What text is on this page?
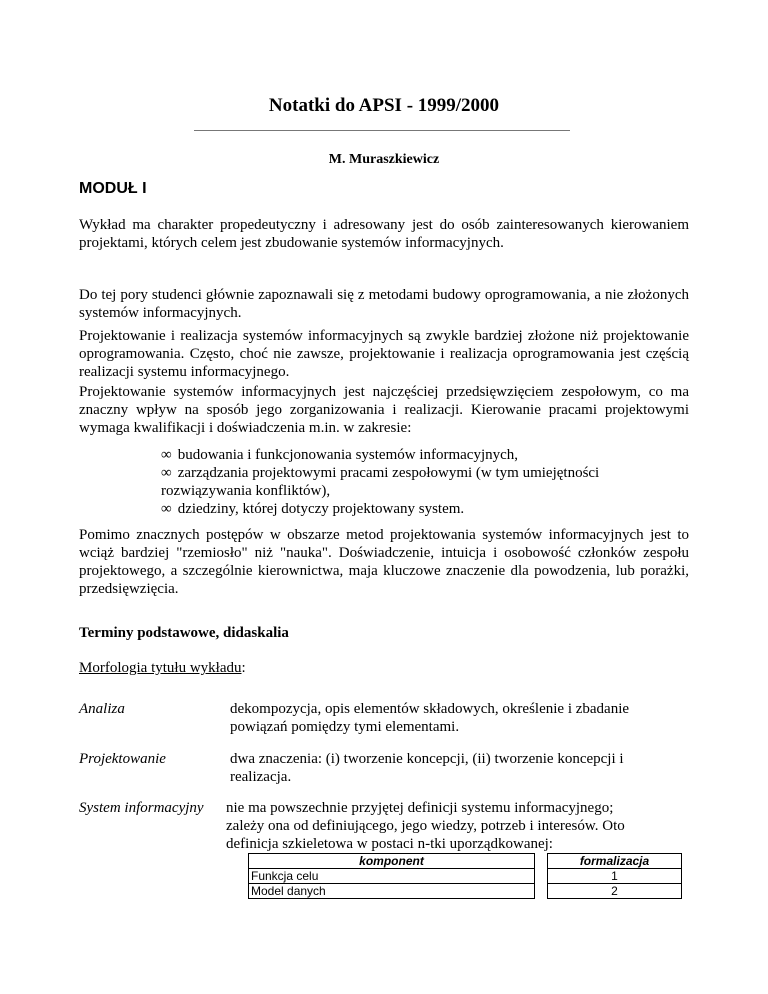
Notatki do APSI - 1999/2000
M. Muraszkiewicz
MODUŁ I

Wykład ma charakter propedeutyczny i adresowany jest do osób zainteresowanych kierowaniem projektami, których celem jest zbudowanie systemów informacyjnych.

Do tej pory studenci głównie zapoznawali się z metodami budowy oprogramowania, a nie złożonych systemów informacyjnych.

Projektowanie i realizacja systemów informacyjnych są zwykle bardziej złożone niż projektowanie oprogramowania. Często, choć nie zawsze, projektowanie i realizacja oprogramowania jest częścią realizacji systemu informacyjnego.

Projektowanie systemów informacyjnych jest najczęściej przedsięwzięciem zespołowym, co ma znaczny wpływ na sposób jego zorganizowania i realizacji. Kierowanie pracami projektowymi wymaga kwalifikacji i doświadczenia m.in. w zakresie:

∞ budowania i funkcjonowania systemów informacyjnych,
∞ zarządzania projektowymi pracami zespołowymi (w tym umiejętności rozwiązywania konfliktów),
∞ dziedziny, której dotyczy projektowany system.

Pomimo znacznych postępów w obszarze metod projektowania systemów informacyjnych jest to wciąż bardziej "rzemiosło" niż "nauka". Doświadczenie, intuicja i osobowość członków zespołu projektowego, a szczególnie kierownictwa, maja kluczowe znaczenie dla powodzenia, lub porażki, przedsięwzięcia.

Terminy podstawowe, didaskalia
Morfologia tytułu wykładu:
Analiza	dekompozycja, opis elementów składowych, określenie i zbadanie powiązań pomiędzy tymi elementami.
Projektowanie	dwa znaczenia: (i) tworzenie koncepcji, (ii) tworzenie koncepcji i realizacja.
System informacyjny nie ma powszechnie przyjętej definicji systemu informacyjnego; zależy ona od definiującego, jego wiedzy, potrzeb i interesów. Oto definicja szkieletowa w postaci n-tki uporządkowanej:
komponent		formalizacja
Funkcja celu		1
Model danych		2
